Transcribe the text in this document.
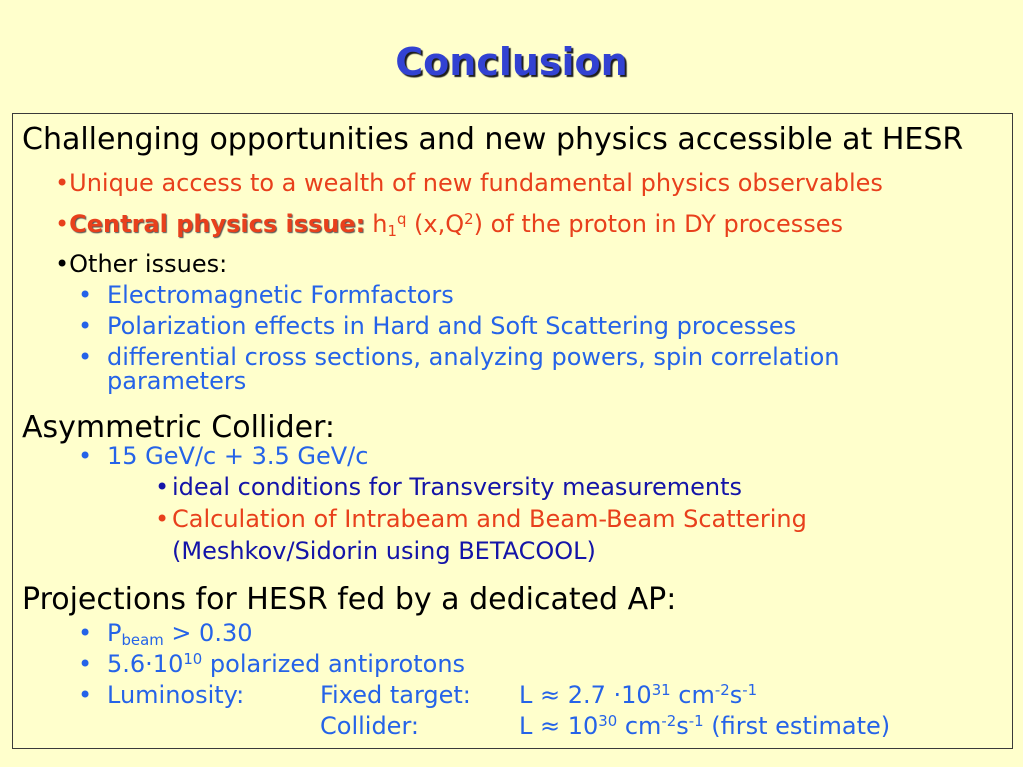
Conclusion
Challenging opportunities and new physics accessible at HESR
•Unique access to a wealth of new fundamental physics observables
•Central physics issue: h1$^q$ $(x,Q^2)$ of the proton in DY processes
•Other issues:
• Electromagnetic Formfactors
• Polarization effects in Hard and Soft Scattering processes
• differential cross sections, analyzing powers, spin correlation parameters
Asymmetric Collider:
• 15 GeV/c + 3.5 GeV/c
• ideal conditions for Transversity measurements
• Calculation of Intrabeam and Beam-Beam Scattering
(Meshkov/Sidorin using BETACOOL)
Projections for HESR fed by a dedicated AP:
• Pbeam > 0.30
• $5.6\cdot 10^{10}$ polarized antiprotons
• Luminosity:	Fixed target: $L \approx 2.7 \cdot 10^{31}$ $cm^{-2}s^{-1}$
Collider:	$L \approx 10^{30}$ $cm^{-2}s^{-1}$ (first estimate)
